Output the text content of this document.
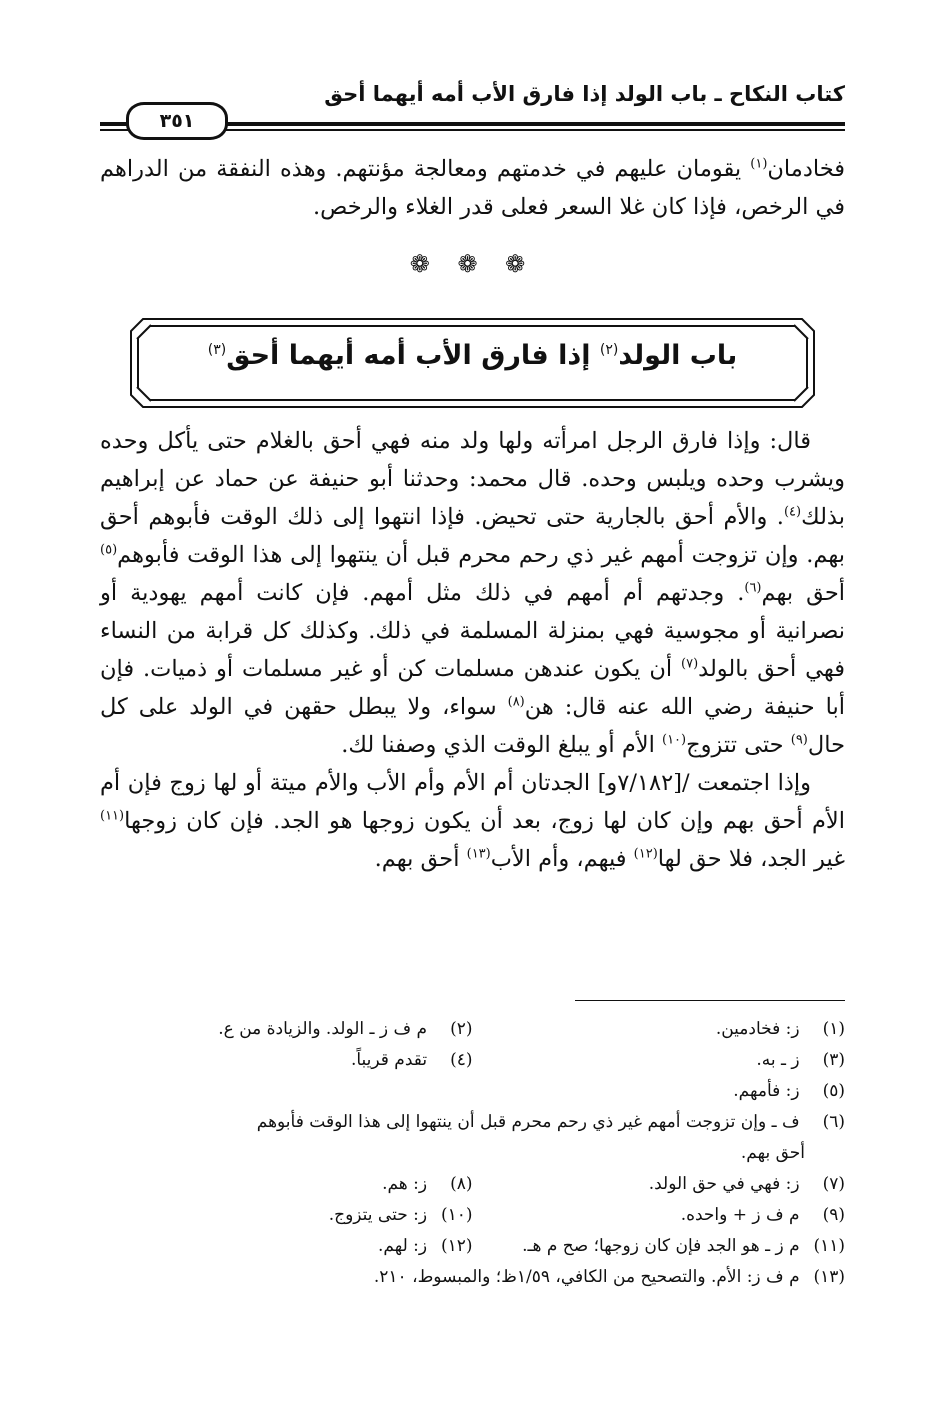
كتاب النكاح ـ باب الولد إذا فارق الأب أمه أيهما أحق
٣٥١

فخادمان$^{(١)}$ يقومان عليهم في خدمتهم ومعالجة مؤنتهم. وهذه النفقة من الدراهم في الرخص، فإذا كان غلا السعر فعلى قدر الغلاء والرخص.

❁ ❁ ❁
باب الولد$^{(٢)}$ إذا فارق الأب أمه أيهما أحق$^{(٣)}$

قال: وإذا فارق الرجل امرأته ولها ولد منه فهي أحق بالغلام حتى يأكل وحده ويشرب وحده ويلبس وحده. قال محمد: وحدثنا أبو حنيفة عن حماد عن إبراهيم بذلك$^{(٤)}$. والأم أحق بالجارية حتى تحيض. فإذا انتهوا إلى ذلك الوقت فأبوهم أحق بهم. وإن تزوجت أمهم غير ذي رحم محرم قبل أن ينتهوا إلى هذا الوقت فأبوهم$^{(٥)}$ أحق بهم$^{(٦)}$. وجدتهم أم أمهم في ذلك مثل أمهم. فإن كانت أمهم يهودية أو نصرانية أو مجوسية فهي بمنزلة المسلمة في ذلك. وكذلك كل قرابة من النساء فهي أحق بالولد$^{(٧)}$ أن يكون عندهن مسلمات كن أو غير مسلمات أو ذميات. فإن أبا حنيفة رضي الله عنه قال: هن$^{(٨)}$ سواء، ولا يبطل حقهن في الولد على كل حال$^{(٩)}$ حتى تتزوج$^{(١٠)}$ الأم أو يبلغ الوقت الذي وصفنا لك.

وإذا اجتمعت /[٧/١٨٢و] الجدتان أم الأم وأم الأب والأم ميتة أو لها زوج فإن أم الأم أحق بهم وإن كان لها زوج، بعد أن يكون زوجها هو الجد. فإن كان زوجها$^{(١١)}$ غير الجد، فلا حق لها$^{(١٢)}$ فيهم، وأم الأب$^{(١٣)}$ أحق بهم.

(١) ز: فخادمين.
(٢) م ف ز ـ الولد. والزيادة من ع.
(٣) ز ـ به.
(٤) تقدم قريباً.
(٥) ز: فأمهم.
(٦) ف ـ وإن تزوجت أمهم غير ذي رحم محرم قبل أن ينتهوا إلى هذا الوقت فأبوهم
أحق بهم.
(٧) ز: فهي في حق الولد.
(٨) ز: هم.
(٩) م ف ز + واحده.
(١٠) ز: حتى يتزوج.
(١١) م ز ـ هو الجد فإن كان زوجها؛ صح م هـ.
(١٢) ز: لهم.
(١٣) م ف ز: الأم. والتصحيح من الكافي، ١/٥٩ظ؛ والمبسوط، ٢١٠.
